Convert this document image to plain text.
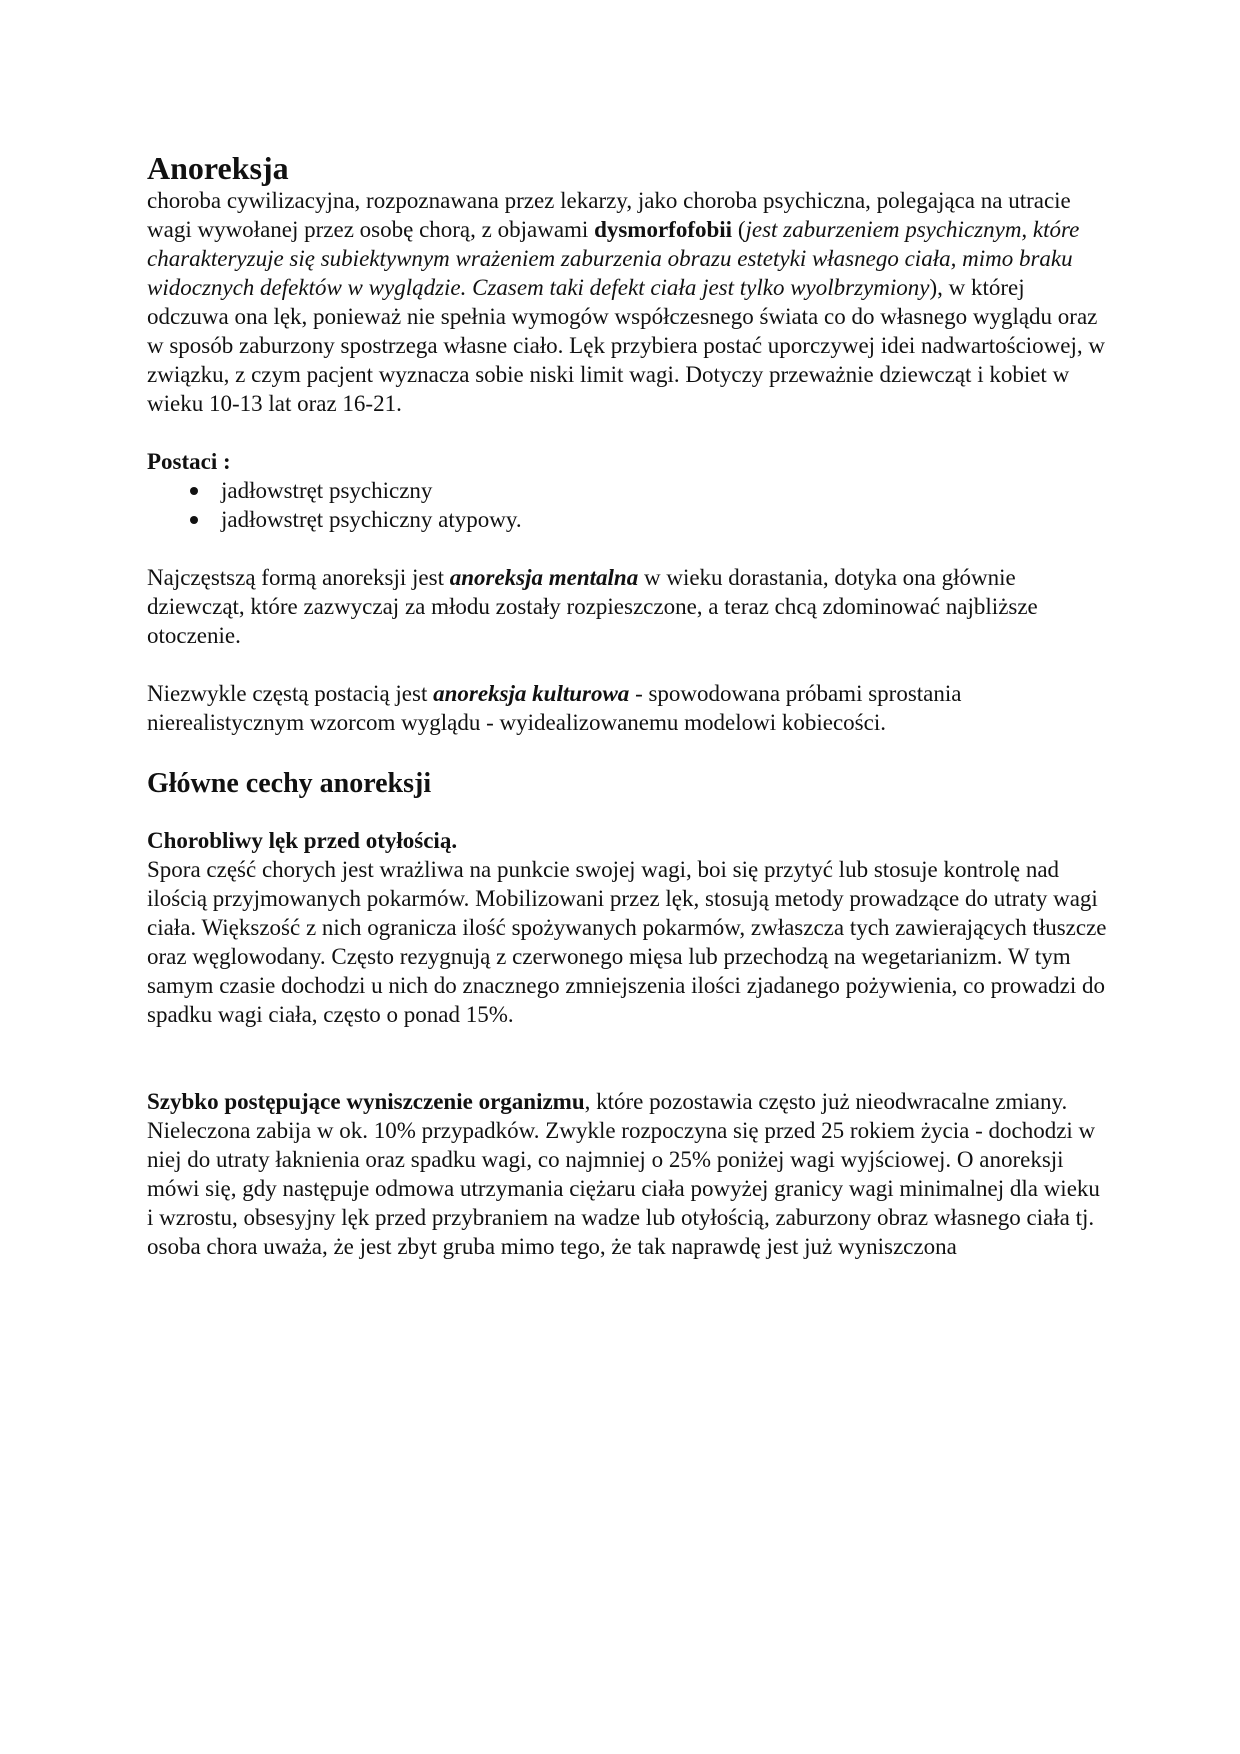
Anoreksja

choroba cywilizacyjna, rozpoznawana przez lekarzy, jako choroba psychiczna, polegająca na utracie wagi wywołanej przez osobę chorą, z objawami dysmorfofobii (jest zaburzeniem psychicznym, które charakteryzuje się subiektywnym wrażeniem zaburzenia obrazu estetyki własnego ciała, mimo braku widocznych defektów w wyglądzie. Czasem taki defekt ciała jest tylko wyolbrzymiony), w której odczuwa ona lęk, ponieważ nie spełnia wymogów współczesnego świata co do własnego wyglądu oraz w sposób zaburzony spostrzega własne ciało. Lęk przybiera postać uporczywej idei nadwartościowej, w związku, z czym pacjent wyznacza sobie niski limit wagi. Dotyczy przeważnie dziewcząt i kobiet w wieku 10-13 lat oraz 16-21.

Postaci :

jadłowstręt psychiczny
jadłowstręt psychiczny atypowy.

Najczęstszą formą anoreksji jest anoreksja mentalna w wieku dorastania, dotyka ona głównie dziewcząt, które zazwyczaj za młodu zostały rozpieszczone, a teraz chcą zdominować najbliższe otoczenie.

Niezwykle częstą postacią jest anoreksja kulturowa - spowodowana próbami sprostania nierealistycznym wzorcom wyglądu - wyidealizowanemu modelowi kobiecości.

Główne cechy anoreksji

Chorobliwy lęk przed otyłością.

Spora część chorych jest wrażliwa na punkcie swojej wagi, boi się przytyć lub stosuje kontrolę nad ilością przyjmowanych pokarmów. Mobilizowani przez lęk, stosują metody prowadzące do utraty wagi ciała. Większość z nich ogranicza ilość spożywanych pokarmów, zwłaszcza tych zawierających tłuszcze oraz węglowodany. Często rezygnują z czerwonego mięsa lub przechodzą na wegetarianizm. W tym samym czasie dochodzi u nich do znacznego zmniejszenia ilości zjadanego pożywienia, co prowadzi do spadku wagi ciała, często o ponad 15%.

Szybko postępujące wyniszczenie organizmu, które pozostawia często już nieodwracalne zmiany. Nieleczona zabija w ok. 10% przypadków. Zwykle rozpoczyna się przed 25 rokiem życia - dochodzi w niej do utraty łaknienia oraz spadku wagi, co najmniej o 25% poniżej wagi wyjściowej. O anoreksji mówi się, gdy następuje odmowa utrzymania ciężaru ciała powyżej granicy wagi minimalnej dla wieku i wzrostu, obsesyjny lęk przed przybraniem na wadze lub otyłością, zaburzony obraz własnego ciała tj. osoba chora uważa, że jest zbyt gruba mimo tego, że tak naprawdę jest już wyniszczona
